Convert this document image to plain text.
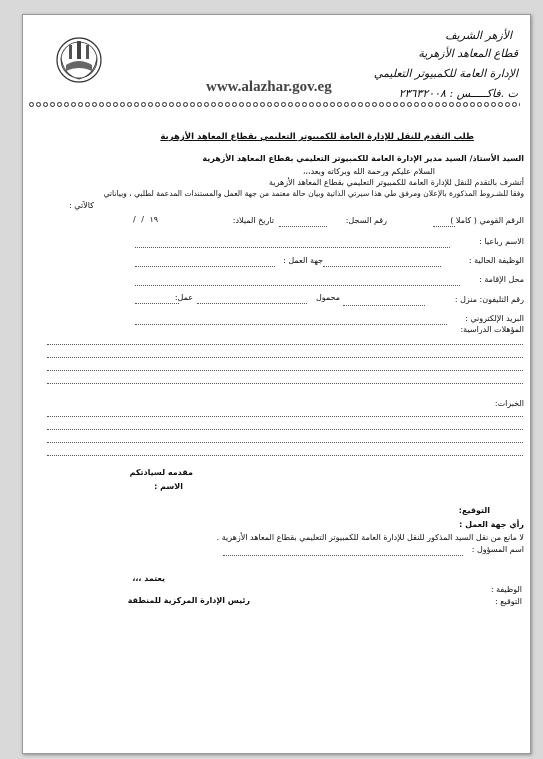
الأزهر الشريف
قطاع المعاهد الأزهرية
الإدارة العامة للكمبيوتر التعليمي
ت .فاكـــــس : ٢٣٦٣٢٠٠٨
www.alazhar.gov.eg
طلب التقدم للنقل للإدارة العامة للكمبيوتر التعليمي بقطاع المعاهد الأزهرية
السيد الأستاذ/ السيد مدير الإدارة العامة للكمبيوتر التعليمي بقطاع المعاهد الأزهرية
السلام عليكم ورحمة الله وبركاته وبعد،،،
أتشرف بالتقدم للنقل للإدارة العامة للكمبيوتر التعليمي بقطاع المعاهد الأزهرية
وفقا للشـروط المذكورة بالإعلان ومرفق طي هذا سيرتي الذاتية وبيان حالة معتمد من جهة العمل والمستندات المدعمة لطلبي ، وبياناتي
كالآتي :
الرقم القومي ( كاملا )
رقم السجل:
تاريخ الميلاد:
/ / ١٩
الاسم رباعيا :
الوظيفة الحالية :
جهة العمل :
محل الإقامة :
رقم التليفون: منزل :
محمول
عمل:
البريد الإلكتروني :
المؤهلات الدراسية:
الخبرات:
مقدمه لسيادتكم
الاسم :
التوقيع:
رأي جهة العمل :
لا مانع من نقل السيد المذكور للنقل للإدارة العامة للكمبيوتر التعليمي بقطاع المعاهد الأزهرية .
اسم المسؤول :
يعتمد ،،،
الوظيفة :
التوقيع :
رئيس الإدارة المركزية للمنطقة
